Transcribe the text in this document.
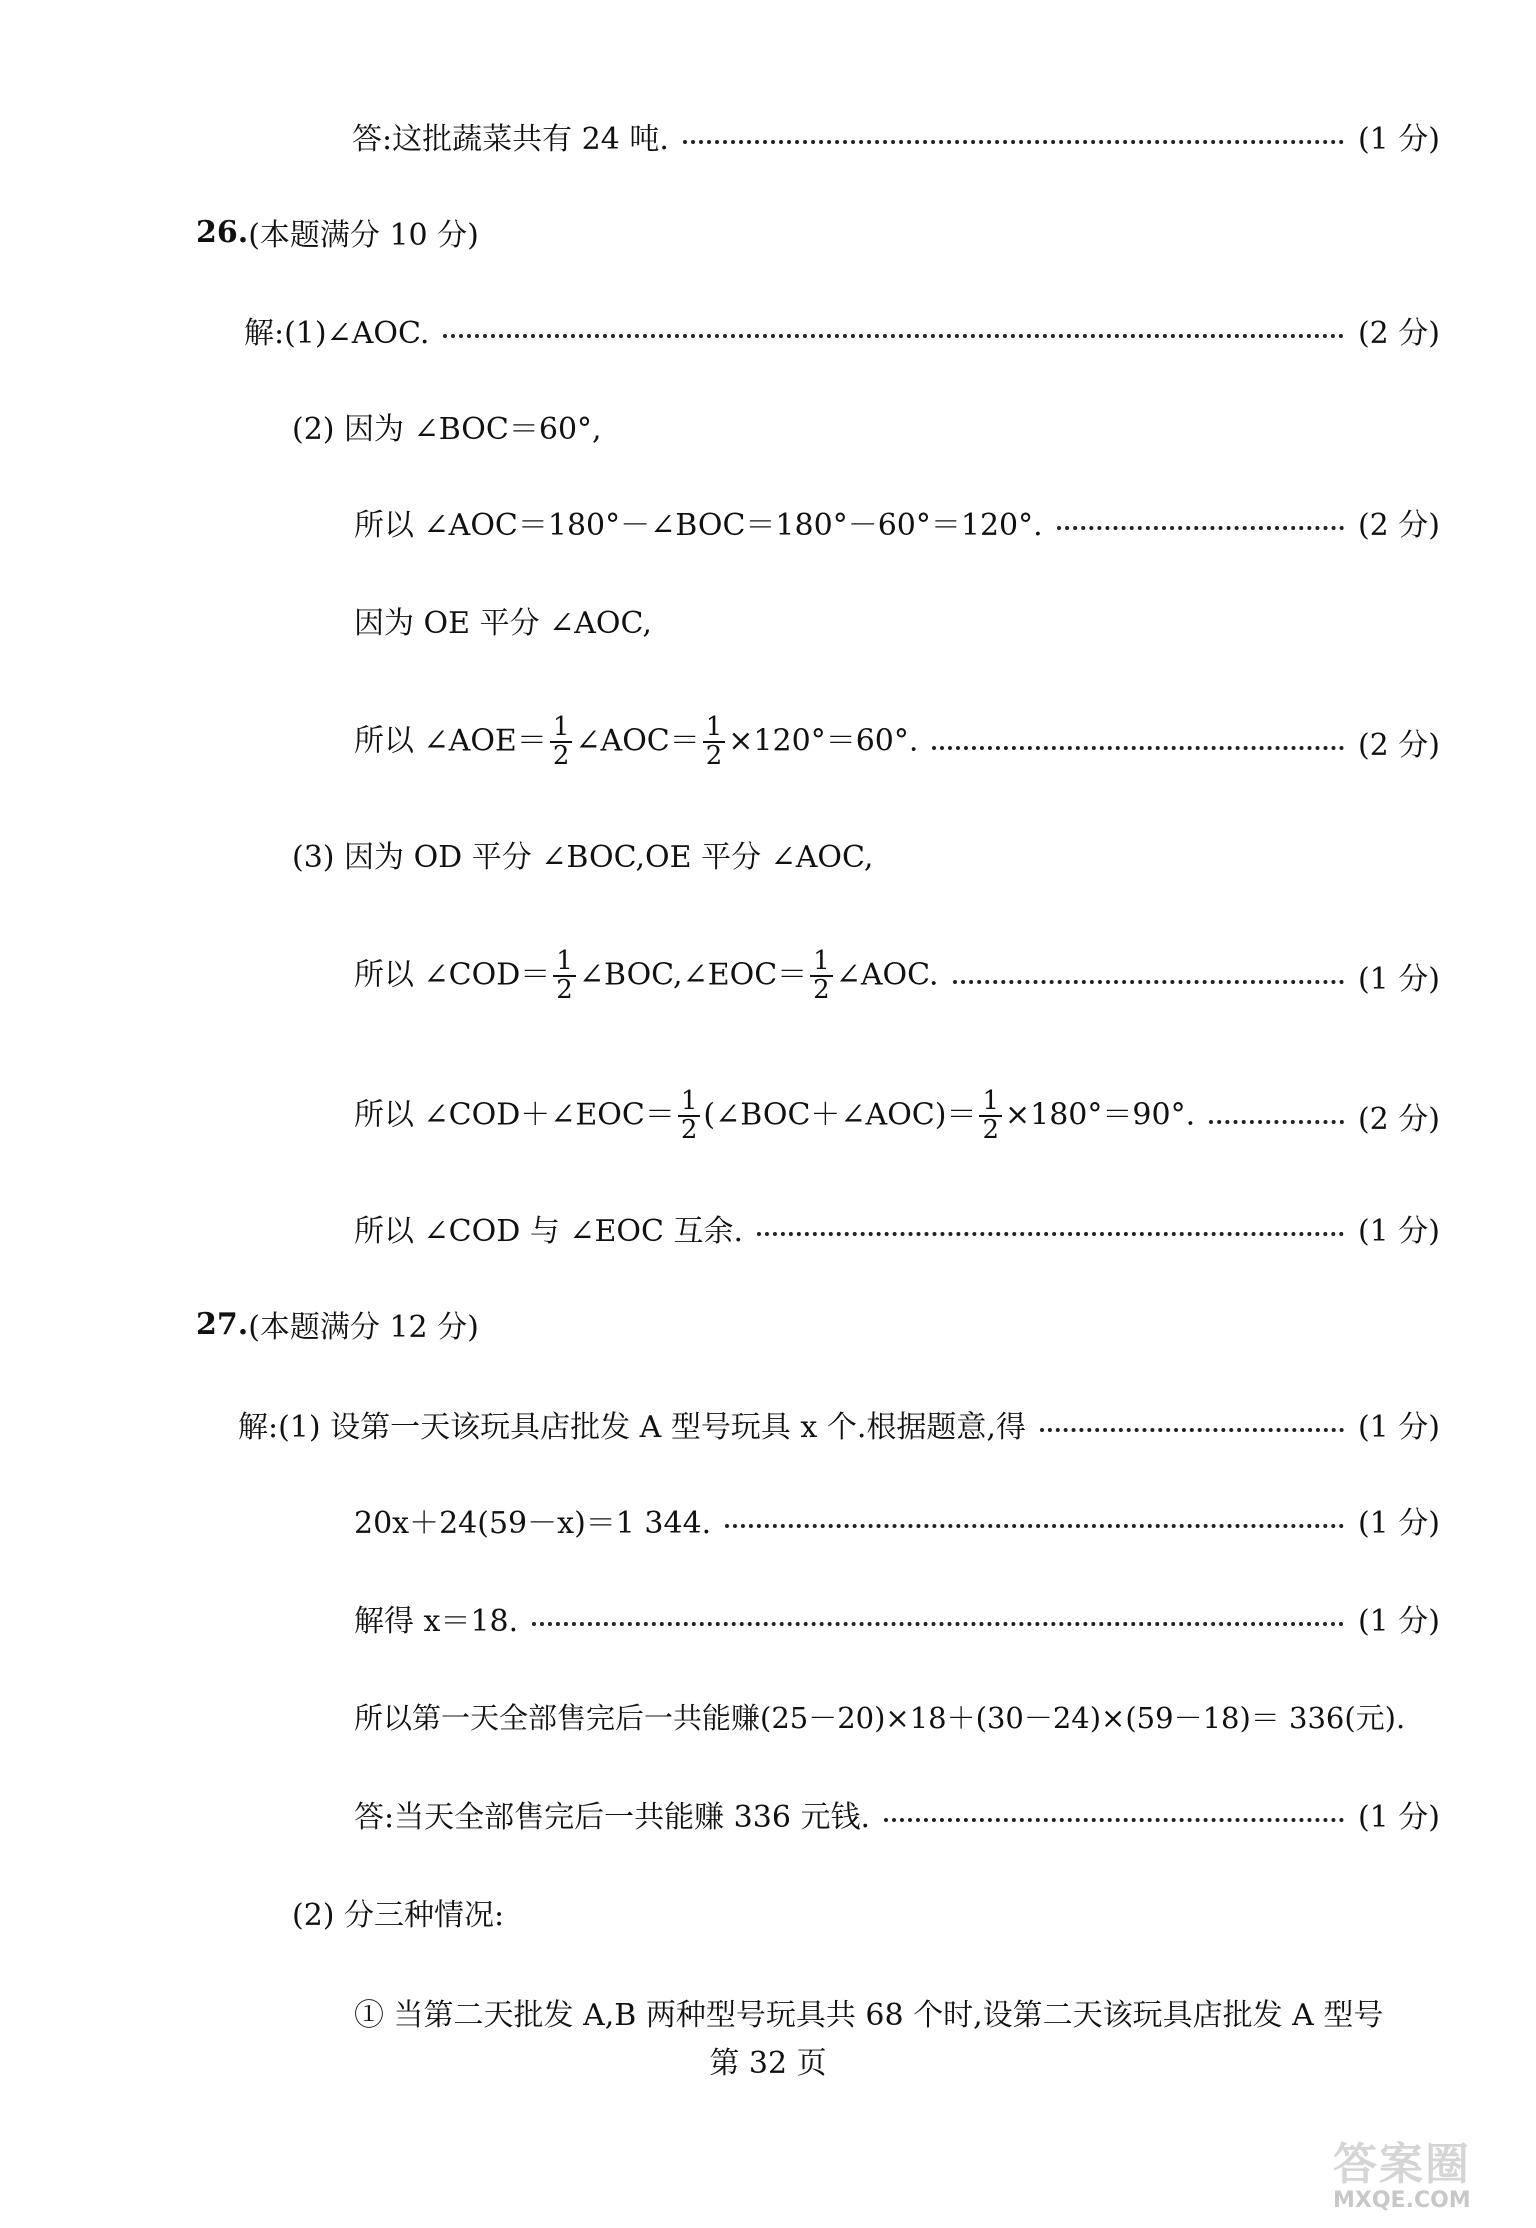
答:这批蔬菜共有 24 吨.	(1 分)
26. (本题满分 10 分)
解:(1)∠AOC.	(2 分)
(2) 因为 ∠BOC＝60°,
所以 ∠AOC＝180°－∠BOC＝180°－60°＝120°.	(2 分)
因为 OE 平分 ∠AOC,
所以 ∠AOE＝ $\frac{1}{2}$ ∠AOC＝ $\frac{1}{2} \times 120^\circ=60^\circ$.	(2 分)
(3) 因为 OD 平分 ∠BOC,OE 平分 ∠AOC,
所以 ∠COD＝ $\frac{1}{2}$ ∠BOC,∠EOC＝ $\frac{1}{2}$ ∠AOC.	(1 分)
所以 ∠COD＋∠EOC＝ $\frac{1}{2}$ (∠BOC＋∠AOC)＝ $\frac{1}{2} \times 180^\circ=90^\circ$.	(2 分)
所以 ∠COD 与 ∠EOC 互余.	(1 分)
27. (本题满分 12 分)
解:(1) 设第一天该玩具店批发 A 型号玩具 x 个.根据题意,得	(1 分)
20x＋24(59－x)＝1 344.	(1 分)
解得 x＝18.	(1 分)
所以第一天全部售完后一共能赚(25－20)×18＋(30－24)×(59－18)＝ 336(元).
答:当天全部售完后一共能赚 336 元钱.	(1 分)
(2) 分三种情况:
① 当第二天批发 A,B 两种型号玩具共 68 个时,设第二天该玩具店批发 A 型号
第 32 页
答案圈
MXQE.COM
